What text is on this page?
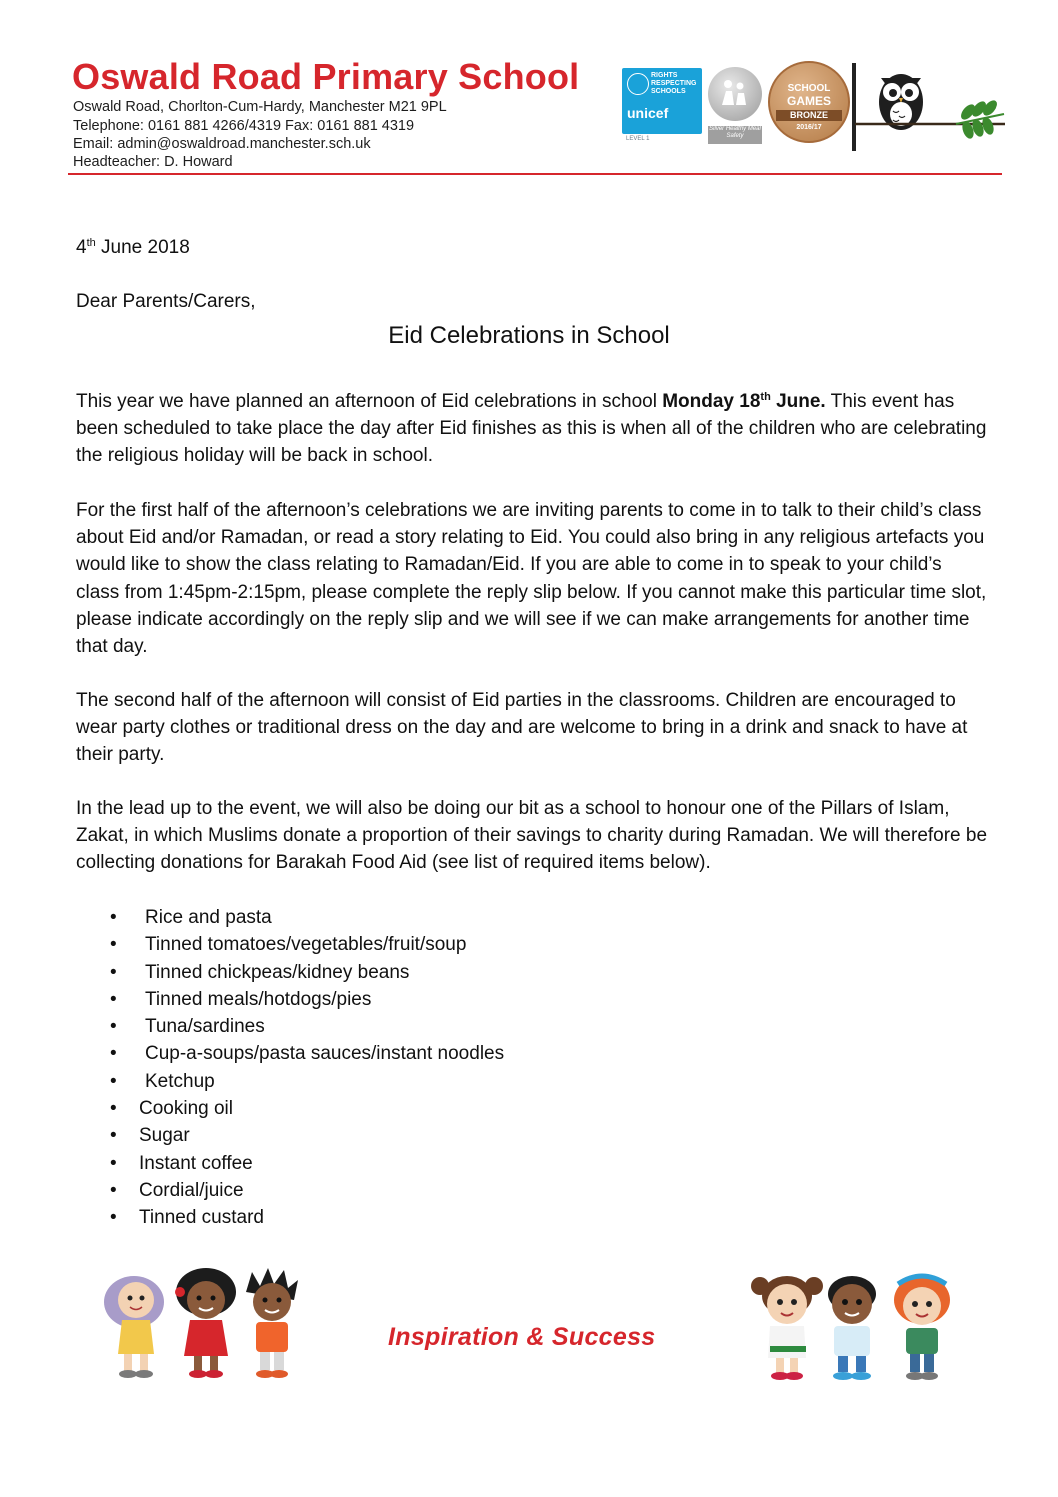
Oswald Road Primary School
Oswald Road, Chorlton-Cum-Hardy, Manchester M21 9PL
Telephone: 0161 881 4266/4319 Fax: 0161 881 4319
Email: admin@oswaldroad.manchester.sch.uk
Headteacher: D. Howard
RIGHTS RESPECTING SCHOOLS
unicef
LEVEL 1
Silver Healthy Meal Safety
SCHOOL
GAMES
BRONZE
2016/17
4th June 2018
Dear Parents/Carers,
Eid Celebrations in School
This year we have planned an afternoon of Eid celebrations in school Monday 18th June. This event has been scheduled to take place the day after Eid finishes as this is when all of the children who are celebrating the religious holiday will be back in school.
For the first half of the afternoon’s celebrations we are inviting parents to come in to talk to their child’s class about Eid and/or Ramadan, or read a story relating to Eid. You could also bring in any religious artefacts you would like to show the class relating to Ramadan/Eid. If you are able to come in to speak to your child’s class from 1:45pm-2:15pm, please complete the reply slip below. If you cannot make this particular time slot, please indicate accordingly on the reply slip and we will see if we can make arrangements for another time that day.
The second half of the afternoon will consist of Eid parties in the classrooms. Children are encouraged to wear party clothes or traditional dress on the day and are welcome to bring in a drink and snack to have at their party.
In the lead up to the event, we will also be doing our bit as a school to honour one of the Pillars of Islam, Zakat, in which Muslims donate a proportion of their savings to charity during Ramadan. We will therefore be collecting donations for Barakah Food Aid (see list of required items below).
• Rice and pasta
• Tinned tomatoes/vegetables/fruit/soup
• Tinned chickpeas/kidney beans
• Tinned meals/hotdogs/pies
• Tuna/sardines
• Cup-a-soups/pasta sauces/instant noodles
• Ketchup
• Cooking oil
• Sugar
• Instant coffee
• Cordial/juice
• Tinned custard
Inspiration & Success
